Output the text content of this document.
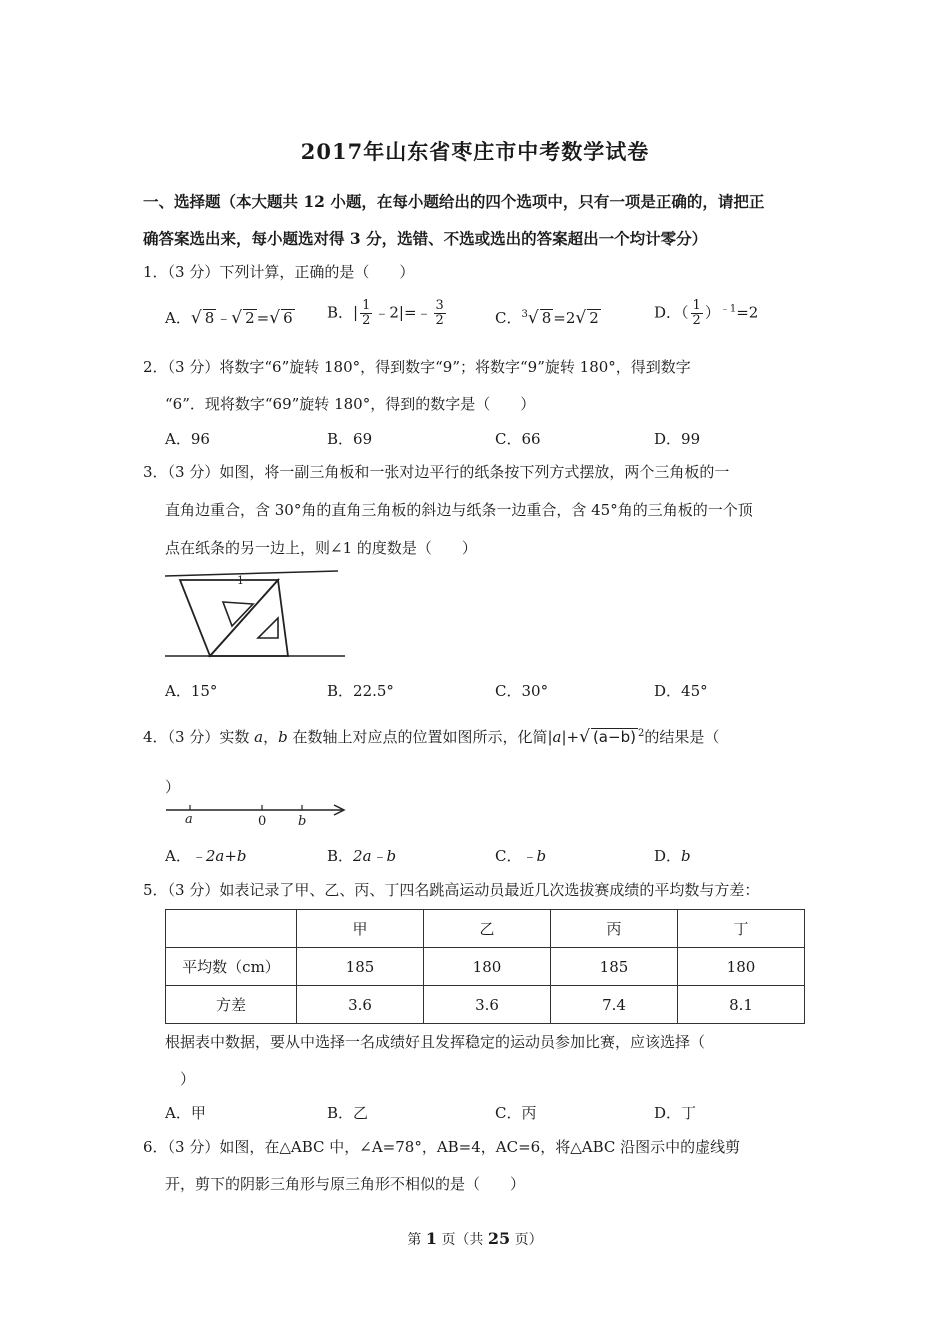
2017年山东省枣庄市中考数学试卷
一、选择题（本大题共 12 小题，在每小题给出的四个选项中，只有一项是正确的，请把正
确答案选出来，每小题选对得 3 分，选错、不选或选出的答案超出一个均计零分）
1．（3 分）下列计算，正确的是（　　）
A．√ 8 ﹣√ 2 =√ 6 B．| $\frac{1}{2}$ ﹣2|=﹣ $\frac{3}{2}$	C．$^3$√ 8 =2√ 2	D．（ $\frac{1}{2} )^{﹣1}=2$
2．（3 分）将数字“6”旋转 180°，得到数字“9”；将数字“9”旋转 180°，得到数字
“6”．现将数字“69”旋转 180°，得到的数字是（　　）
A．96	B．69	C．66	D．99
3．（3 分）如图，将一副三角板和一张对边平行的纸条按下列方式摆放，两个三角板的一
直角边重合，含 30°角的直角三角板的斜边与纸条一边重合，含 45°角的三角板的一个顶
点在纸条的另一边上，则∠1 的度数是（　　）
1
A．15°	B．22.5°	C．30°	D．45°
4．（3 分）实数 a，b 在数轴上对应点的位置如图所示，化简|a|+√ (a−b) $^2$的结果是（
）
a	0 b
A．﹣2a+b	B．2a﹣b	C．﹣b	D．b
5．（3 分）如表记录了甲、乙、丙、丁四名跳高运动员最近几次选拔赛成绩的平均数与方差：
	甲	乙	丙	丁
平均数（cm）	185	180	185	180
方差	3.6	3.6	7.4	8.1
根据表中数据，要从中选择一名成绩好且发挥稳定的运动员参加比赛，应该选择（
）
A．甲	B．乙	C．丙	D．丁
6．（3 分）如图，在△ABC 中，∠A=78°，AB=4，AC=6，将△ABC 沿图示中的虚线剪
开，剪下的阴影三角形与原三角形不相似的是（　　）
第 1 页（共 25 页）
